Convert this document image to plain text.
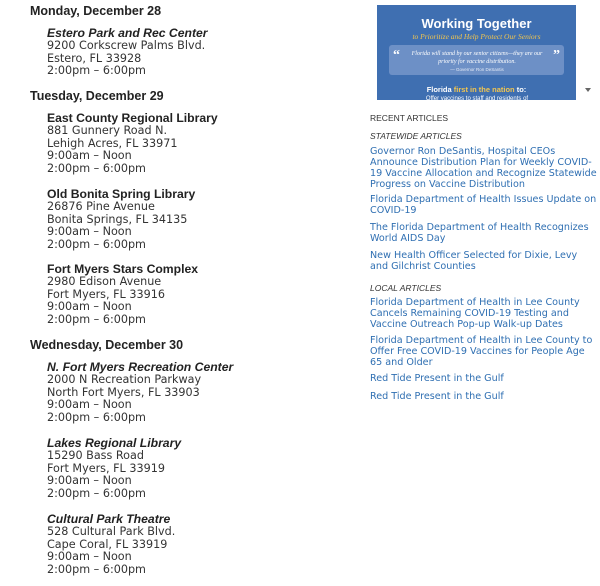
Monday, December 28
Estero Park and Rec Center
9200 Corkscrew Palms Blvd.
Estero, FL 33928
2:00pm – 6:00pm
Tuesday, December 29
East County Regional Library
881 Gunnery Road N.
Lehigh Acres, FL 33971
9:00am – Noon
2:00pm – 6:00pm
Old Bonita Spring Library
26876 Pine Avenue
Bonita Springs, FL 34135
9:00am – Noon
2:00pm – 6:00pm
Fort Myers Stars Complex
2980 Edison Avenue
Fort Myers, FL 33916
9:00am – Noon
2:00pm – 6:00pm
Wednesday, December 30
N. Fort Myers Recreation Center
2000 N Recreation Parkway
North Fort Myers, FL 33903
9:00am – Noon
2:00pm – 6:00pm
Lakes Regional Library
15290 Bass Road
Fort Myers, FL 33919
9:00am – Noon
2:00pm – 6:00pm
Cultural Park Theatre
528 Cultural Park Blvd.
Cape Coral, FL 33919
9:00am – Noon
2:00pm – 6:00pm
Working Together
to Prioritize and Help Protect Our Seniors
“	Florida will stand by our senior citizens—they are our priority for vaccine distribution.
— Governor Ron DeSantis
”
Florida first in the nation to:
Offer vaccines to staff and residents of
RECENT ARTICLES
STATEWIDE ARTICLES
Governor Ron DeSantis, Hospital CEOs Announce Distribution Plan for Weekly COVID-19 Vaccine Allocation and Recognize Statewide Progress on Vaccine Distribution
Florida Department of Health Issues Update on COVID-19
The Florida Department of Health Recognizes World AIDS Day
New Health Officer Selected for Dixie, Levy and Gilchrist Counties
LOCAL ARTICLES
Florida Department of Health in Lee County Cancels Remaining COVID-19 Testing and Vaccine Outreach Pop-up Walk-up Dates
Florida Department of Health in Lee County to Offer Free COVID-19 Vaccines for People Age 65 and Older
Red Tide Present in the Gulf
Red Tide Present in the Gulf
